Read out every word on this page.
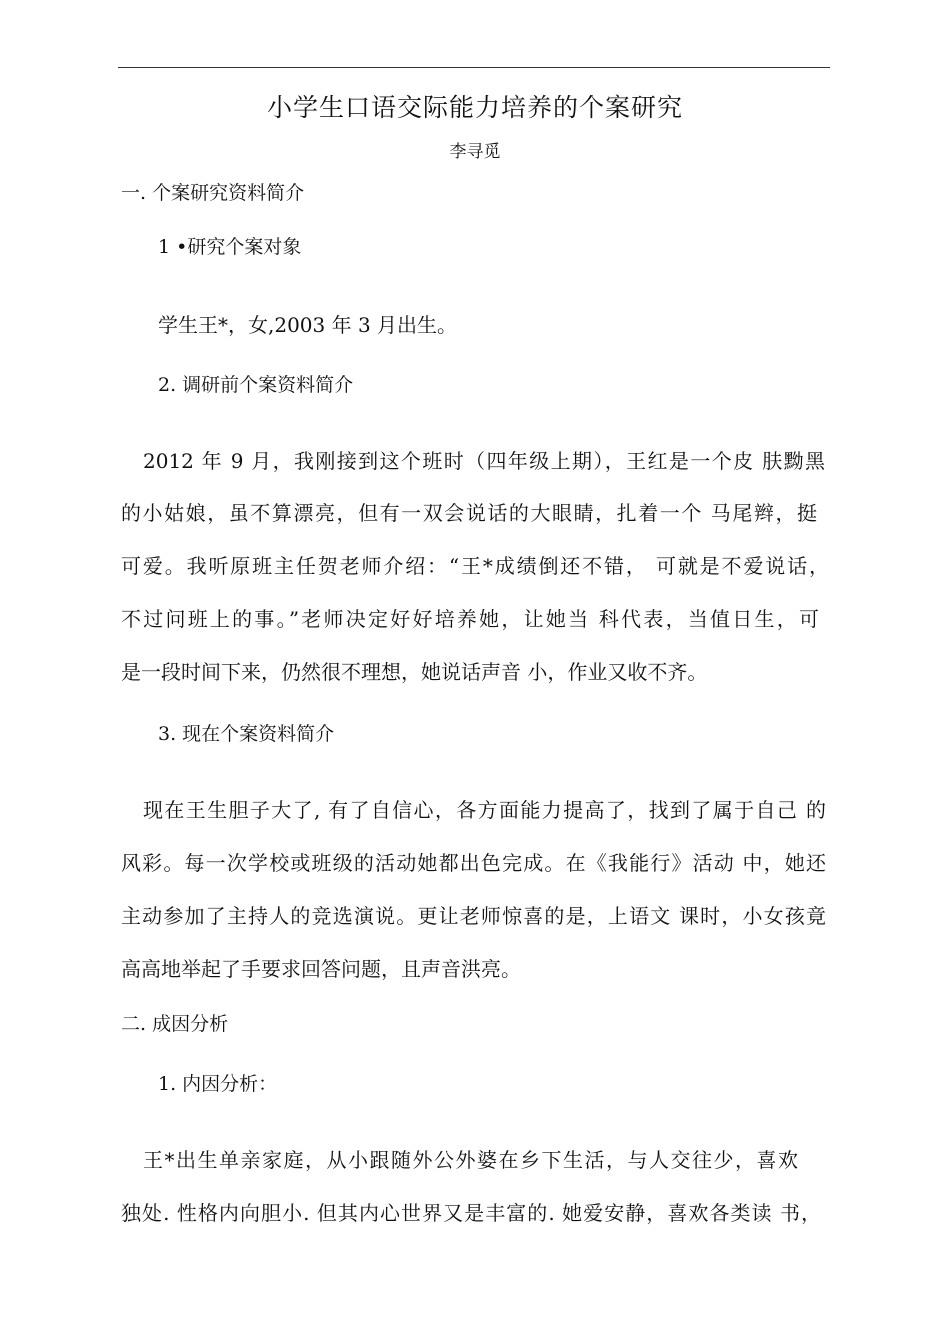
小学生口语交际能力培养的个案研究
李寻觅
一. 个案研究资料简介
1 •研究个案对象
学生王*，女,2003 年 3 月出生。
2. 调研前个案资料简介
2012 年 9 月，我刚接到这个班时（四年级上期），王红是一个皮 肤黝黑
的小姑娘，虽不算漂亮，但有一双会说话的大眼睛，扎着一个 马尾辫，挺
可爱。我听原班主任贺老师介绍：“王*成绩倒还不错， 可就是不爱说话，
不过问班上的事。”老师决定好好培养她，让她当 科代表，当值日生，可
是一段时间下来，仍然很不理想，她说话声音 小，作业又收不齐。
3. 现在个案资料简介
现在王生胆子大了, 有了自信心，各方面能力提高了，找到了属于自己 的
风彩。每一次学校或班级的活动她都出色完成。在《我能行》活动 中，她还
主动参加了主持人的竞选演说。更让老师惊喜的是，上语文 课时，小女孩竟
高高地举起了手要求回答问题，且声音洪亮。
二. 成因分析
1. 内因分析：
王*出生单亲家庭，从小跟随外公外婆在乡下生活，与人交往少，喜欢
独处. 性格内向胆小. 但其内心世界又是丰富的. 她爱安静，喜欢各类读 书，
